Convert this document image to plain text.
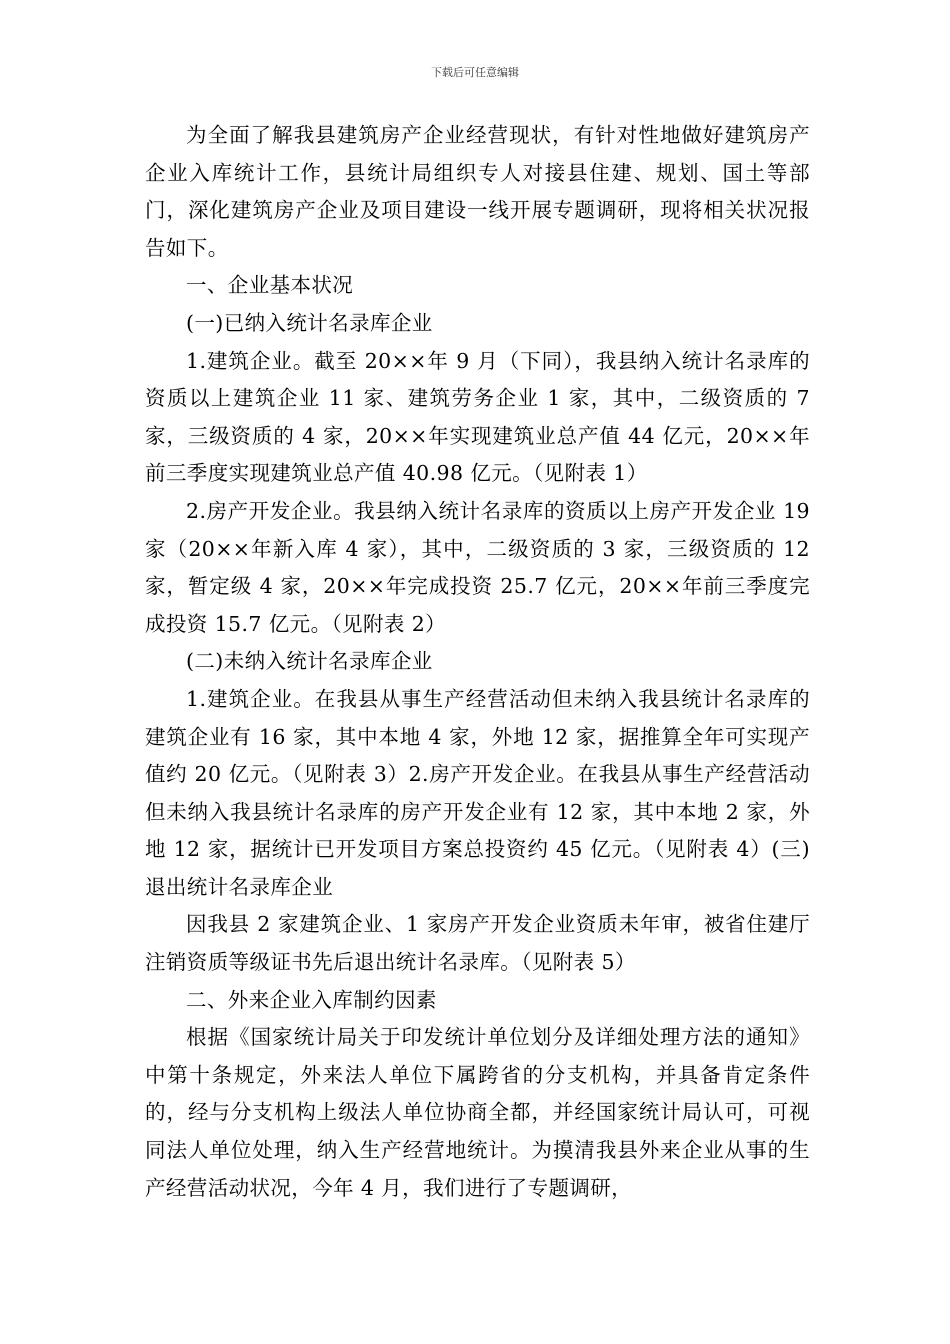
下载后可任意编辑

为全面了解我县建筑房产企业经营现状，有针对性地做好建筑房产企业入库统计工作，县统计局组织专人对接县住建、规划、国土等部门，深化建筑房产企业及项目建设一线开展专题调研，现将相关状况报告如下。

一、企业基本状况

(一)已纳入统计名录库企业

1.建筑企业。截至 20××年 9 月（下同），我县纳入统计名录库的资质以上建筑企业 11 家、建筑劳务企业 1 家，其中，二级资质的 7 家，三级资质的 4 家，20××年实现建筑业总产值 44 亿元，20××年前三季度实现建筑业总产值 40.98 亿元。（见附表 1）

2.房产开发企业。我县纳入统计名录库的资质以上房产开发企业 19 家（20××年新入库 4 家），其中，二级资质的 3 家，三级资质的 12 家，暂定级 4 家，20××年完成投资 25.7 亿元，20××年前三季度完成投资 15.7 亿元。（见附表 2）

(二)未纳入统计名录库企业

1.建筑企业。在我县从事生产经营活动但未纳入我县统计名录库的建筑企业有 16 家，其中本地 4 家，外地 12 家，据推算全年可实现产值约 20 亿元。（见附表 3）2.房产开发企业。在我县从事生产经营活动但未纳入我县统计名录库的房产开发企业有 12 家，其中本地 2 家，外地 12 家，据统计已开发项目方案总投资约 45 亿元。（见附表 4）(三)退出统计名录库企业

因我县 2 家建筑企业、1 家房产开发企业资质未年审，被省住建厅注销资质等级证书先后退出统计名录库。（见附表 5）

二、外来企业入库制约因素

根据《国家统计局关于印发统计单位划分及详细处理方法的通知》中第十条规定，外来法人单位下属跨省的分支机构，并具备肯定条件的，经与分支机构上级法人单位协商全都，并经国家统计局认可，可视同法人单位处理，纳入生产经营地统计。为摸清我县外来企业从事的生产经营活动状况，今年 4 月，我们进行了专题调研，
